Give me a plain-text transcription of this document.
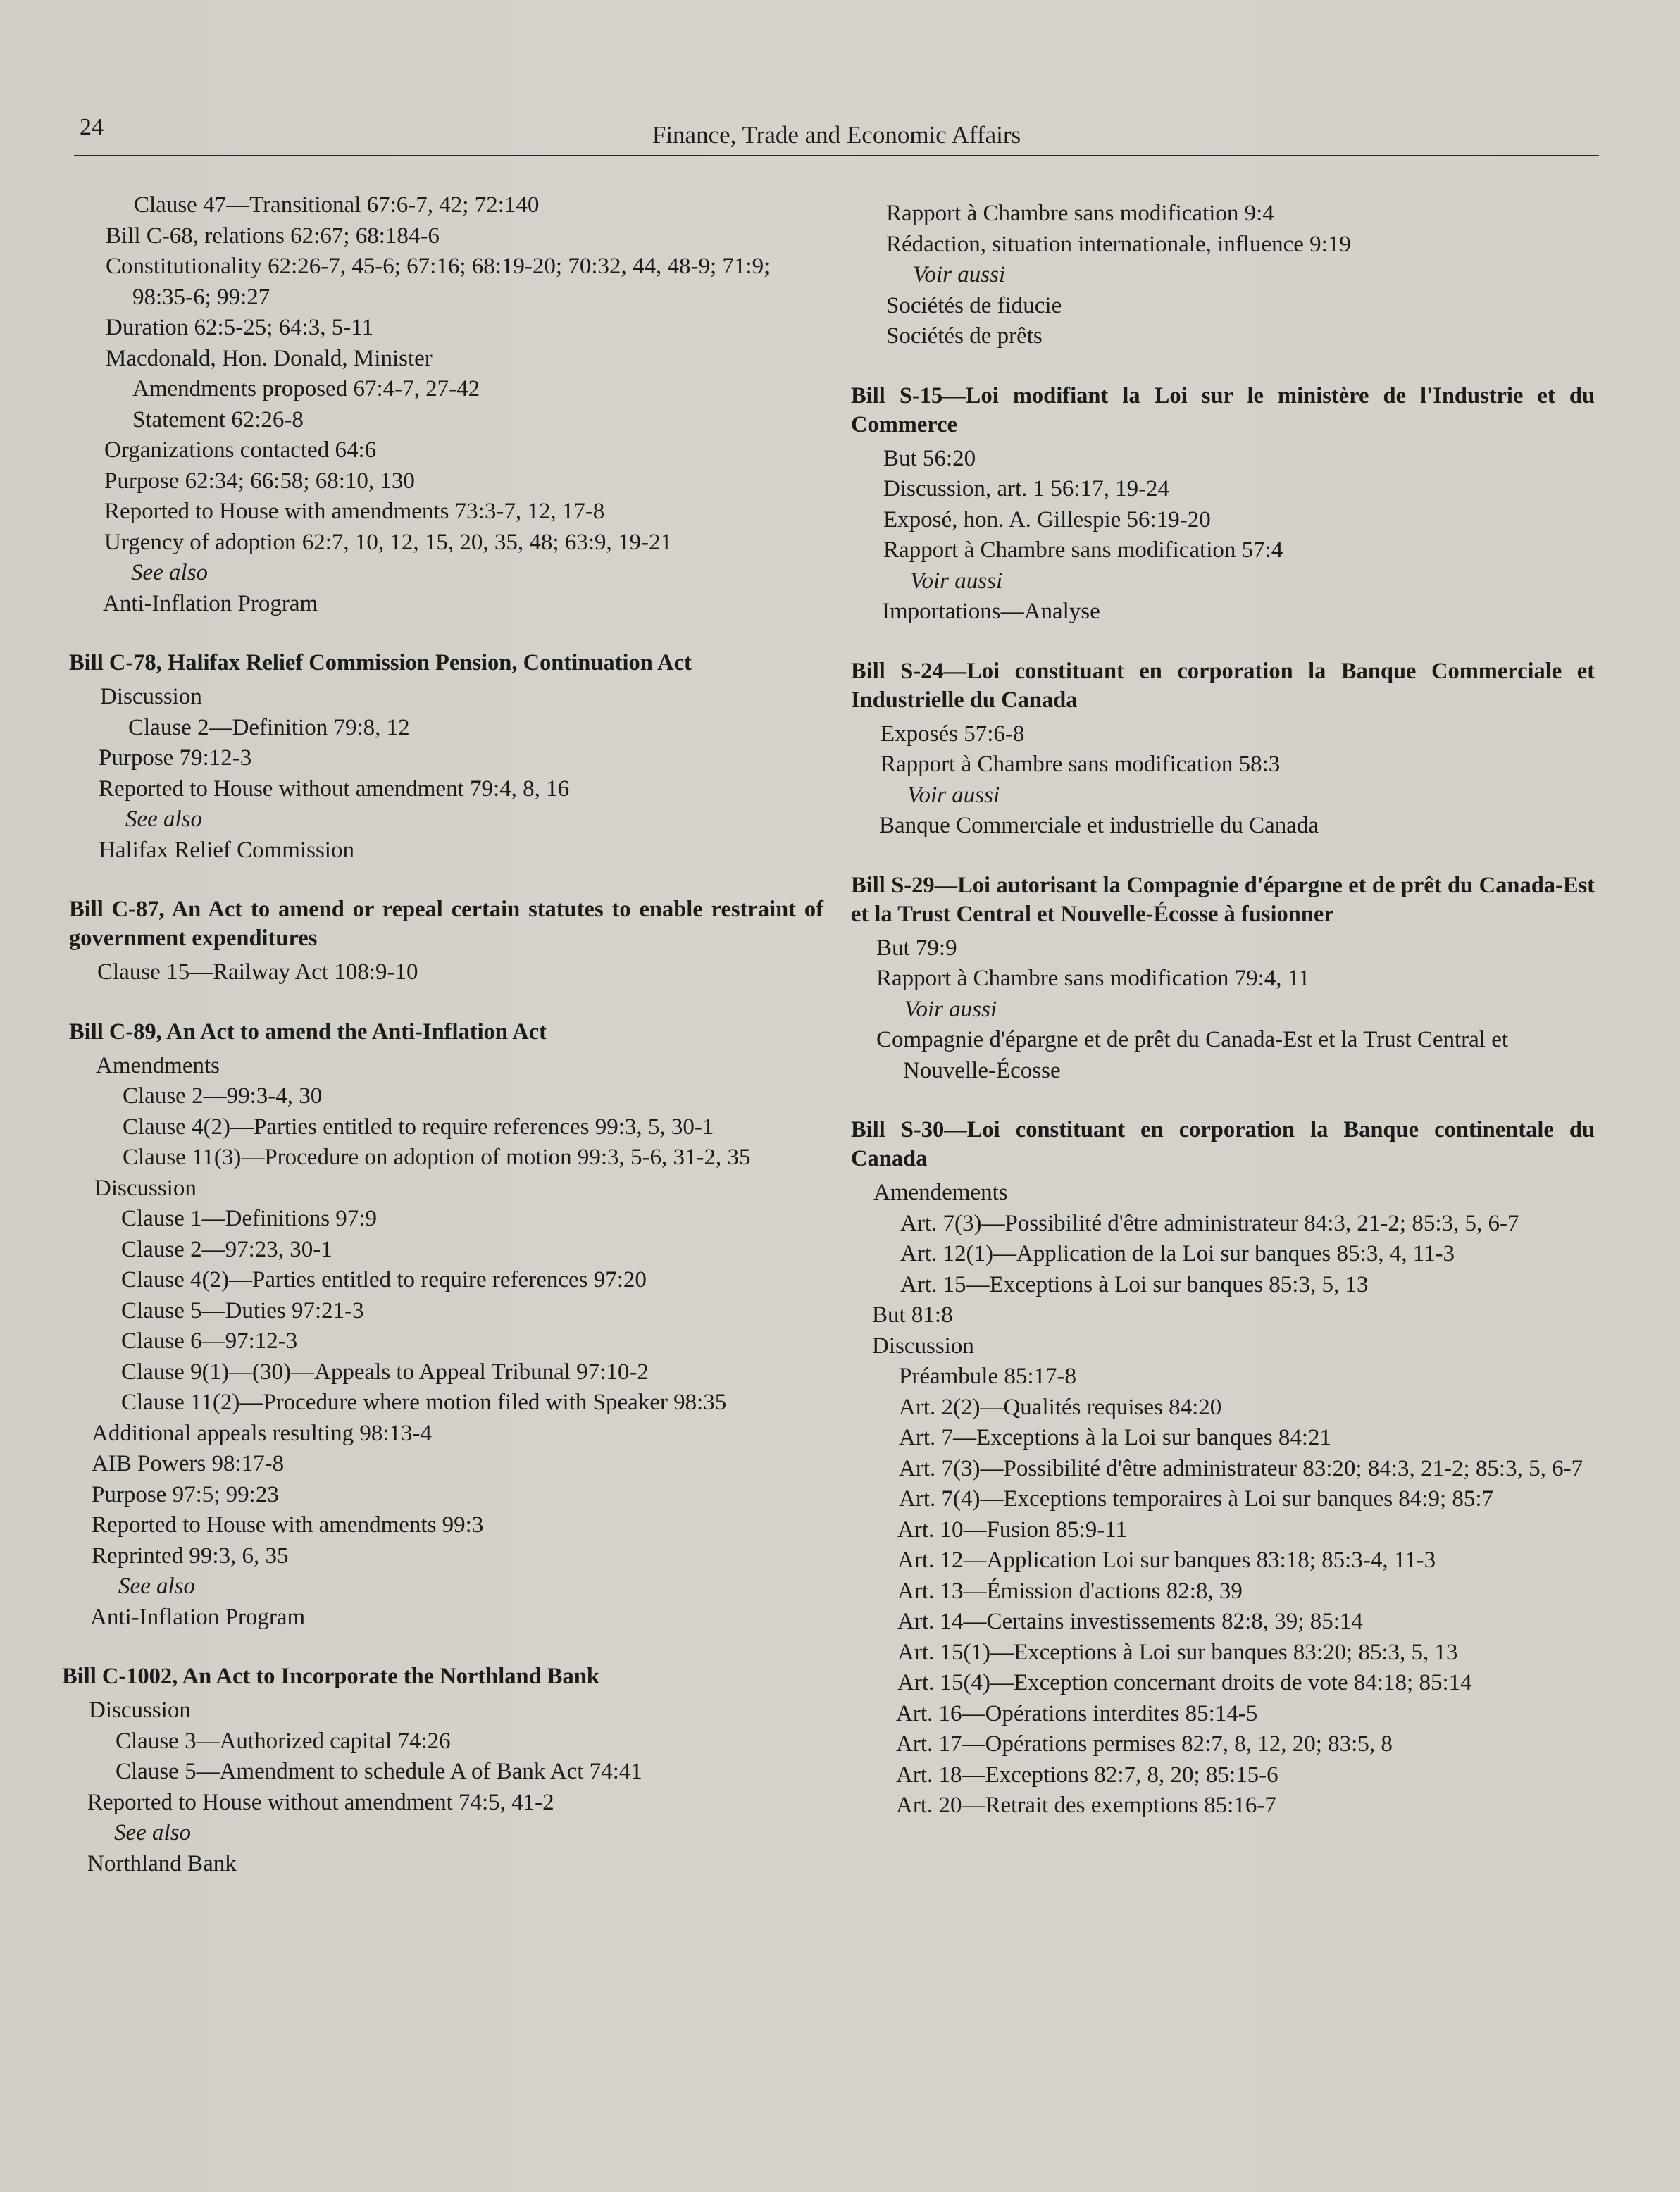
24	Finance, Trade and Economic Affairs

Clause 47—Transitional 67:6-7, 42; 72:140

Bill C-68, relations 62:67; 68:184-6

Constitutionality 62:26-7, 45-6; 67:16; 68:19-20; 70:32, 44, 48-9; 71:9; 98:35-6; 99:27

Duration 62:5-25; 64:3, 5-11

Macdonald, Hon. Donald, Minister

Amendments proposed 67:4-7, 27-42

Statement 62:26-8

Organizations contacted 64:6

Purpose 62:34; 66:58; 68:10, 130

Reported to House with amendments 73:3-7, 12, 17-8

Urgency of adoption 62:7, 10, 12, 15, 20, 35, 48; 63:9, 19-21

See also

Anti-Inflation Program

Bill C-78, Halifax Relief Commission Pension, Continuation Act

Discussion

Clause 2—Definition 79:8, 12

Purpose 79:12-3

Reported to House without amendment 79:4, 8, 16

See also

Halifax Relief Commission

Bill C-87, An Act to amend or repeal certain statutes to enable restraint of government expenditures

Clause 15—Railway Act 108:9-10

Bill C-89, An Act to amend the Anti-Inflation Act

Amendments

Clause 2—99:3-4, 30

Clause 4(2)—Parties entitled to require references 99:3, 5, 30-1

Clause 11(3)—Procedure on adoption of motion 99:3, 5-6, 31-2, 35

Discussion

Clause 1—Definitions 97:9

Clause 2—97:23, 30-1

Clause 4(2)—Parties entitled to require references 97:20

Clause 5—Duties 97:21-3

Clause 6—97:12-3

Clause 9(1)—(30)—Appeals to Appeal Tribunal 97:10-2

Clause 11(2)—Procedure where motion filed with Speaker 98:35

Additional appeals resulting 98:13-4

AIB Powers 98:17-8

Purpose 97:5; 99:23

Reported to House with amendments 99:3

Reprinted 99:3, 6, 35

See also

Anti-Inflation Program

Bill C-1002, An Act to Incorporate the Northland Bank

Discussion

Clause 3—Authorized capital 74:26

Clause 5—Amendment to schedule A of Bank Act 74:41

Reported to House without amendment 74:5, 41-2

See also

Northland Bank

Rapport à Chambre sans modification 9:4

Rédaction, situation internationale, influence 9:19

Voir aussi

Sociétés de fiducie

Sociétés de prêts

Bill S-15—Loi modifiant la Loi sur le ministère de l'Industrie et du Commerce

But 56:20

Discussion, art. 1 56:17, 19-24

Exposé, hon. A. Gillespie 56:19-20

Rapport à Chambre sans modification 57:4

Voir aussi

Importations—Analyse

Bill S-24—Loi constituant en corporation la Banque Commerciale et Industrielle du Canada

Exposés 57:6-8

Rapport à Chambre sans modification 58:3

Voir aussi

Banque Commerciale et industrielle du Canada

Bill S-29—Loi autorisant la Compagnie d'épargne et de prêt du Canada-Est et la Trust Central et Nouvelle-Écosse à fusionner

But 79:9

Rapport à Chambre sans modification 79:4, 11

Voir aussi

Compagnie d'épargne et de prêt du Canada-Est et la Trust Central et Nouvelle-Écosse

Bill S-30—Loi constituant en corporation la Banque continentale du Canada

Amendements

Art. 7(3)—Possibilité d'être administrateur 84:3, 21-2; 85:3, 5, 6-7

Art. 12(1)—Application de la Loi sur banques 85:3, 4, 11-3

Art. 15—Exceptions à Loi sur banques 85:3, 5, 13

But 81:8

Discussion

Préambule 85:17-8

Art. 2(2)—Qualités requises 84:20

Art. 7—Exceptions à la Loi sur banques 84:21

Art. 7(3)—Possibilité d'être administrateur 83:20; 84:3, 21-2; 85:3, 5, 6-7

Art. 7(4)—Exceptions temporaires à Loi sur banques 84:9; 85:7

Art. 10—Fusion 85:9-11

Art. 12—Application Loi sur banques 83:18; 85:3-4, 11-3

Art. 13—Émission d'actions 82:8, 39

Art. 14—Certains investissements 82:8, 39; 85:14

Art. 15(1)—Exceptions à Loi sur banques 83:20; 85:3, 5, 13

Art. 15(4)—Exception concernant droits de vote 84:18; 85:14

Art. 16—Opérations interdites 85:14-5

Art. 17—Opérations permises 82:7, 8, 12, 20; 83:5, 8

Art. 18—Exceptions 82:7, 8, 20; 85:15-6

Art. 20—Retrait des exemptions 85:16-7
